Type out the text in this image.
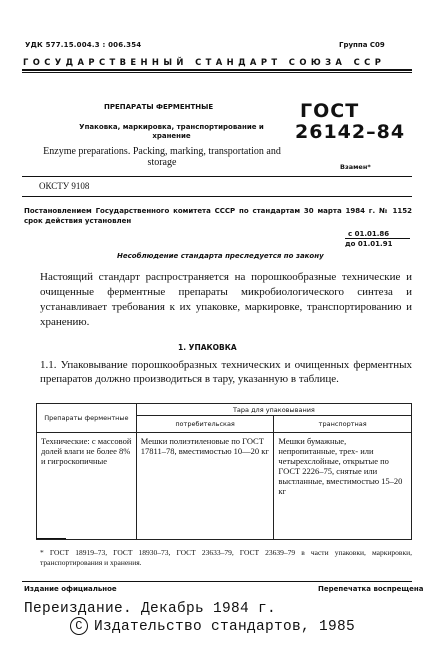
УДК 577.15.004.3 : 006.354	Группа С09
ГОСУДАРСТВЕННЫЙ СТАНДАРТ СОЮЗА ССР
ПРЕПАРАТЫ ФЕРМЕНТНЫЕ
Упаковка, маркировка, транспортирование и хранение
Enzyme preparations. Packing, marking, transportation and storage
ГОСТ
26142–84
Взамен*
ОКСТУ 9108
Постановлением Государственного комитета СССР по стандартам 30 марта 1984 г. № 1152 срок действия установлен
с 01.01.86
до 01.01.91
Несоблюдение стандарта преследуется по закону
Настоящий стандарт распространяется на порошкообразные технические и очищенные ферментные препараты микробиологического синтеза и устанавливает требования к их упаковке, маркировке, транспортированию и хранению.
1. УПАКОВКА
1.1. Упаковывание порошкообразных технических и очищенных ферментных препаратов должно производиться в тару, указанную в таблице.
Препараты ферментные	Тара для упаковывания	
	потребительская	транспортная
Технические: с массовой долей влаги не более 8% и гигроскопичные	Мешки полиэтиленовые по ГОСТ 17811–78, вместимостью 10—20 кг	Мешки бумажные, непропитанные, трех- или четырехслойные, открытые по ГОСТ 2226–75, снятые или выстланные, вместимостью 15–20 кг
* ГОСТ 18919–73, ГОСТ 18930–73, ГОСТ 23633–79, ГОСТ 23639–79 в части упаковки, маркировки, транспортирования и хранения.
Издание официальное	Перепечатка воспрещена
Переиздание. Декабрь 1984 г.
С Издательство стандартов, 1985
